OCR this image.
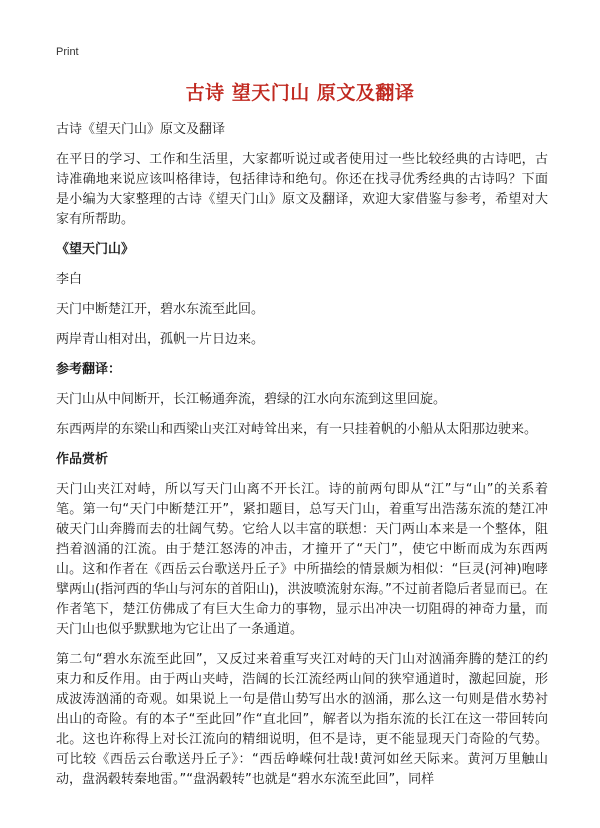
Print
古诗 望天门山 原文及翻译

古诗《望天门山》原文及翻译

在平日的学习、工作和生活里，大家都听说过或者使用过一些比较经典的古诗吧，古诗准确地来说应该叫格律诗，包括律诗和绝句。你还在找寻优秀经典的古诗吗？下面是小编为大家整理的古诗《望天门山》原文及翻译，欢迎大家借鉴与参考，希望对大家有所帮助。

《望天门山》

李白

天门中断楚江开，碧水东流至此回。

两岸青山相对出，孤帆一片日边来。

参考翻译：

天门山从中间断开，长江畅通奔流，碧绿的江水向东流到这里回旋。

东西两岸的东梁山和西梁山夹江对峙耸出来，有一只挂着帆的小船从太阳那边驶来。

作品赏析

天门山夹江对峙，所以写天门山离不开长江。诗的前两句即从“江”与“山”的关系着笔。第一句“天门中断楚江开”，紧扣题目，总写天门山，着重写出浩荡东流的楚江冲破天门山奔腾而去的壮阔气势。它给人以丰富的联想：天门两山本来是一个整体，阻挡着汹涌的江流。由于楚江怒涛的冲击，才撞开了“天门”，使它中断而成为东西两山。这和作者在《西岳云台歌送丹丘子》中所描绘的情景颇为相似：“巨灵(河神)咆哮擘两山(指河西的华山与河东的首阳山)，洪波喷流射东海。”不过前者隐后者显而已。在作者笔下，楚江仿佛成了有巨大生命力的事物，显示出冲决一切阻碍的神奇力量，而天门山也似乎默默地为它让出了一条通道。

第二句“碧水东流至此回”，又反过来着重写夹江对峙的天门山对汹涌奔腾的楚江的约束力和反作用。由于两山夹峙，浩阔的长江流经两山间的狭窄通道时，激起回旋，形成波涛汹涌的奇观。如果说上一句是借山势写出水的汹涌，那么这一句则是借水势衬出山的奇险。有的本子“至此回”作“直北回”，解者以为指东流的长江在这一带回转向北。这也许称得上对长江流向的精细说明，但不是诗，更不能显现天门奇险的气势。可比较《西岳云台歌送丹丘子》：“西岳峥嵘何壮哉!黄河如丝天际来。黄河万里触山动，盘涡毂转秦地雷。”“盘涡毂转”也就是“碧水东流至此回”，同样
